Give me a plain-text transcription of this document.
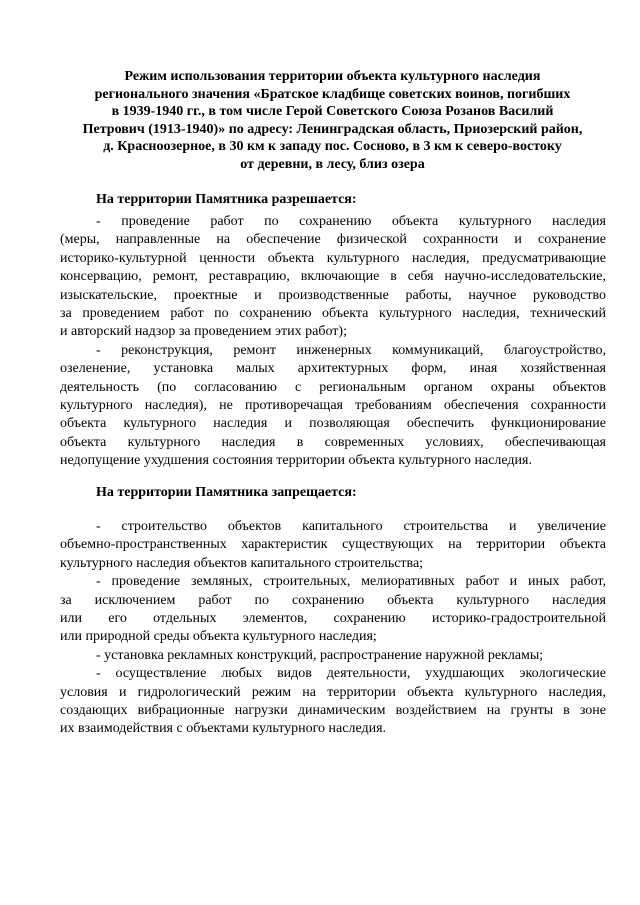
Режим использования территории объекта культурного наследия
регионального значения «Братское кладбище советских воинов, погибших
в 1939-1940 гг., в том числе Герой Советского Союза Розанов Василий
Петрович (1913-1940)» по адресу: Ленинградская область, Приозерский район,
д. Красноозерное, в 30 км к западу пос. Сосново, в 3 км к северо-востоку
от деревни, в лесу, близ озера
На территории Памятника разрешается:
- проведение работ по сохранению объекта культурного наследия
(меры, направленные на обеспечение физической сохранности и сохранение
историко-культурной ценности объекта культурного наследия, предусматривающие
консервацию, ремонт, реставрацию, включающие в себя научно-исследовательские,
изыскательские, проектные и производственные работы, научное руководство
за проведением работ по сохранению объекта культурного наследия, технический
и авторский надзор за проведением этих работ);
- реконструкция, ремонт инженерных коммуникаций, благоустройство,
озеленение, установка малых архитектурных форм, иная хозяйственная
деятельность (по согласованию с региональным органом охраны объектов
культурного наследия), не противоречащая требованиям обеспечения сохранности
объекта культурного наследия и позволяющая обеспечить функционирование
объекта культурного наследия в современных условиях, обеспечивающая
недопущение ухудшения состояния территории объекта культурного наследия.
На территории Памятника запрещается:
- строительство объектов капитального строительства и увеличение
объемно-пространственных характеристик существующих на территории объекта
культурного наследия объектов капитального строительства;
- проведение земляных, строительных, мелиоративных работ и иных работ,
за исключением работ по сохранению объекта культурного наследия
или его отдельных элементов, сохранению историко-градостроительной
или природной среды объекта культурного наследия;
- установка рекламных конструкций, распространение наружной рекламы;
- осуществление любых видов деятельности, ухудшающих экологические
условия и гидрологический режим на территории объекта культурного наследия,
создающих вибрационные нагрузки динамическим воздействием на грунты в зоне
их взаимодействия с объектами культурного наследия.
